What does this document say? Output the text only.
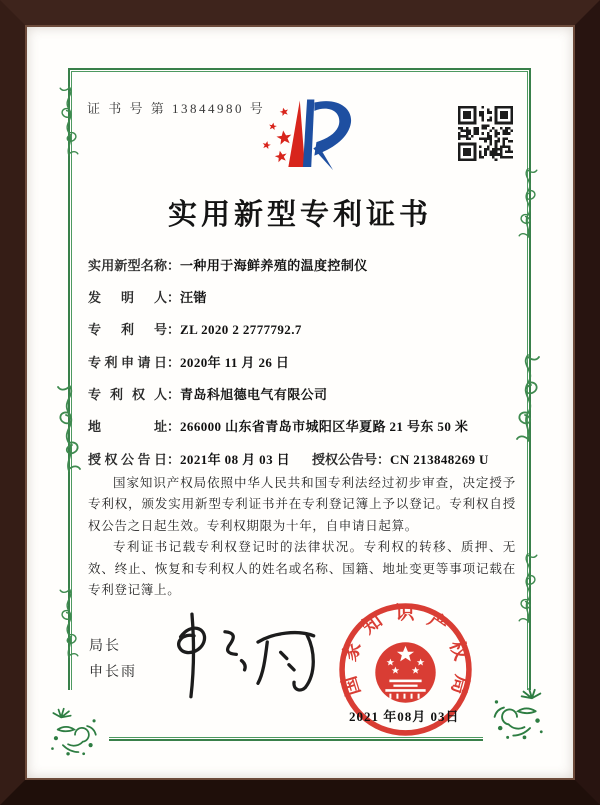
证 书 号 第 13844980 号
实用新型专利证书
实用新型名称：一种用于海鲜养殖的温度控制仪
发明人：汪锴
专利号：ZL 2020 2 2777792.7
专利申请日：2020年 11 月 26 日
专利权人：青岛科旭德电气有限公司
地址：266000 山东省青岛市城阳区华夏路 21 号东 50 米
授权公告日：2021年 08 月 03 日 授权公告号：CN 213848269 U

国家知识产权局依照中华人民共和国专利法经过初步审查，决定授予专利权，颁发实用新型专利证书并在专利登记簿上予以登记。专利权自授权公告之日起生效。专利权期限为十年，自申请日起算。

专利证书记载专利权登记时的法律状况。专利权的转移、质押、无效、终止、恢复和专利权人的姓名或名称、国籍、地址变更等事项记载在专利登记簿上。

局长
申长雨
国家知识产权局
2021 年08月 03日
